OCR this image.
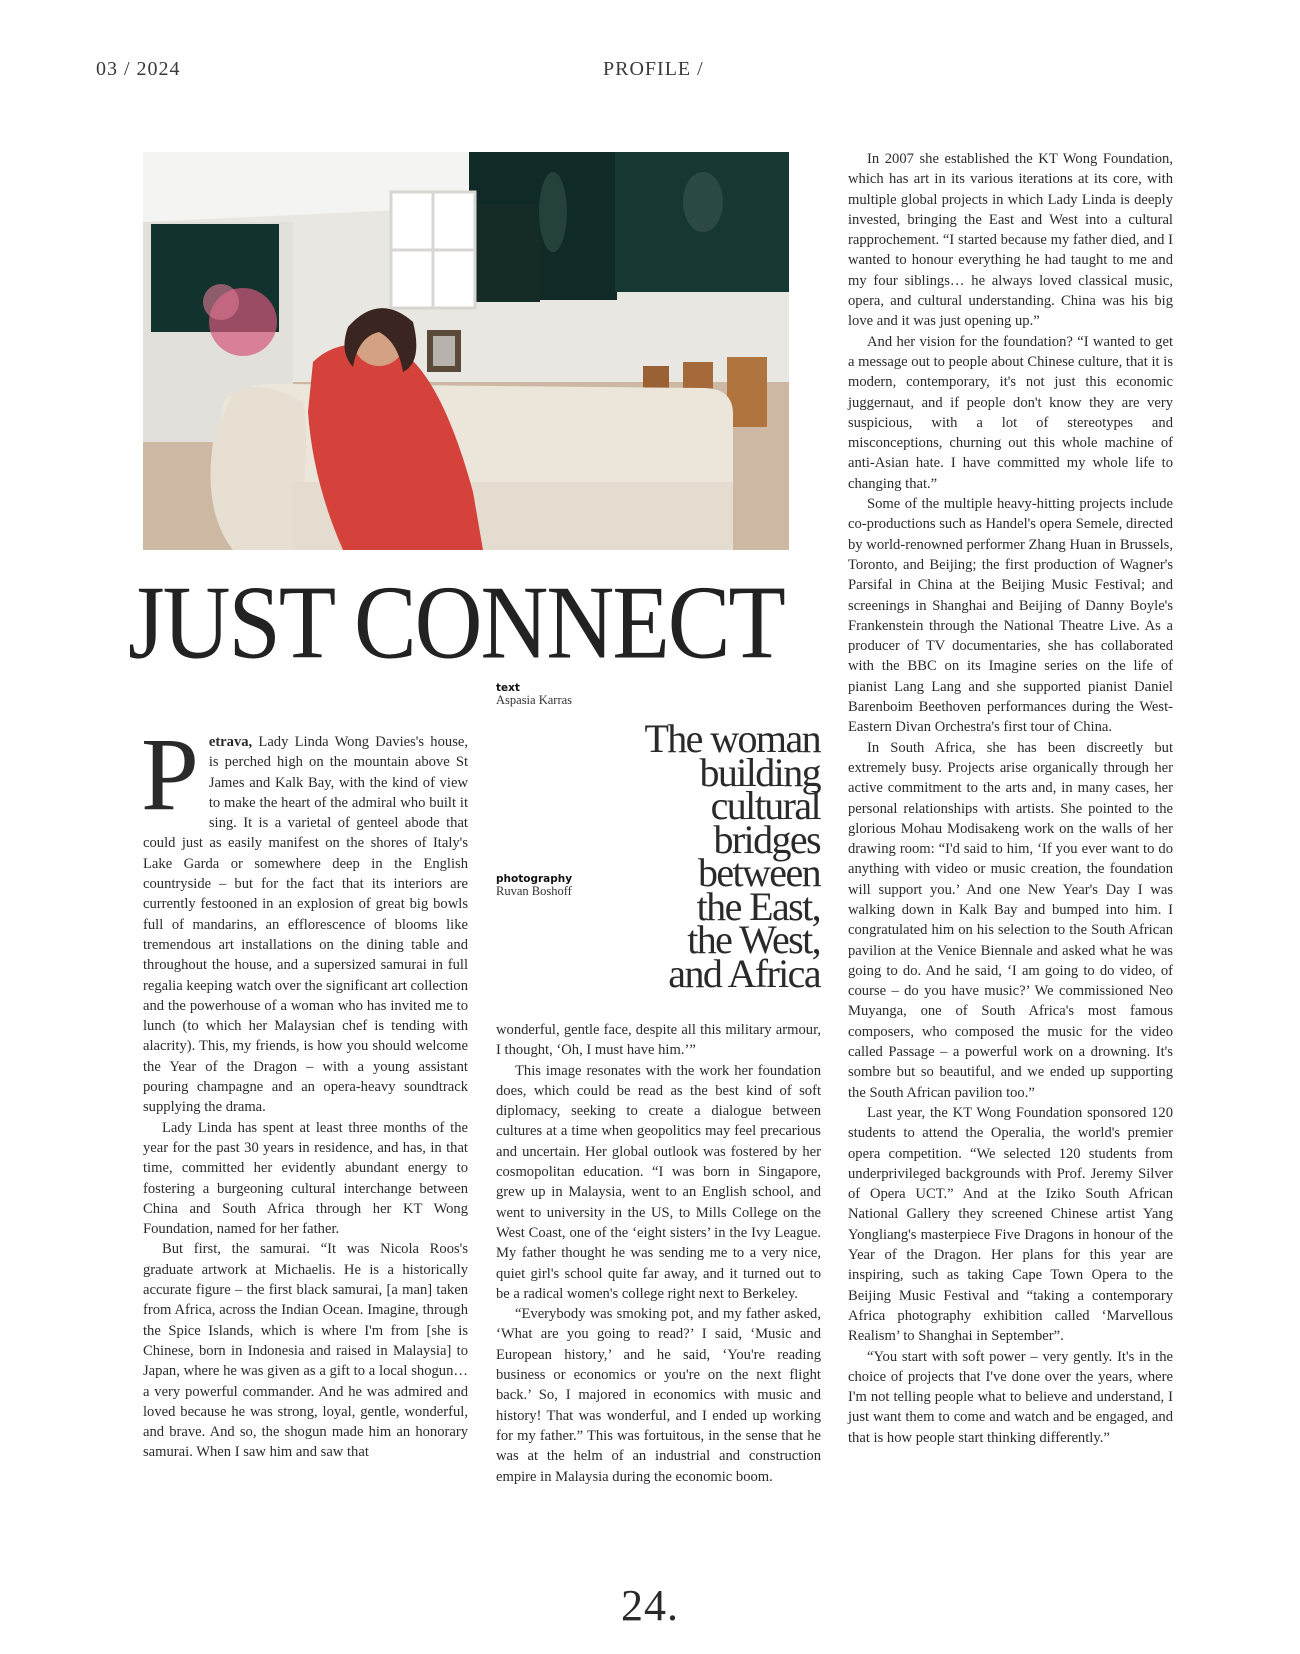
03 / 2024	PROFILE /
JUST CONNECT
text
Aspasia Karras
photography
Ruvan Boshoff
The woman
building
cultural
bridges
between
the East,
the West,
and Africa

Petrava, Lady Linda Wong Davies's house, is perched high on the mountain above St James and Kalk Bay, with the kind of view to make the heart of the admiral who built it sing. It is a varietal of genteel abode that could just as easily manifest on the shores of Italy's Lake Garda or somewhere deep in the English countryside – but for the fact that its interiors are currently festooned in an explosion of great big bowls full of mandarins, an efflorescence of blooms like tremendous art installations on the dining table and throughout the house, and a supersized samurai in full regalia keeping watch over the significant art collection and the powerhouse of a woman who has invited me to lunch (to which her Malaysian chef is tending with alacrity). This, my friends, is how you should welcome the Year of the Dragon – with a young assistant pouring champagne and an opera-heavy soundtrack supplying the drama.

Lady Linda has spent at least three months of the year for the past 30 years in residence, and has, in that time, committed her evidently abundant energy to fostering a burgeoning cultural interchange between China and South Africa through her KT Wong Foundation, named for her father.

But first, the samurai. “It was Nicola Roos's graduate artwork at Michaelis. He is a historically accurate figure – the first black samurai, [a man] taken from Africa, across the Indian Ocean. Imagine, through the Spice Islands, which is where I'm from [she is Chinese, born in Indonesia and raised in Malaysia] to Japan, where he was given as a gift to a local shogun… a very powerful commander. And he was admired and loved because he was strong, loyal, gentle, wonderful, and brave. And so, the shogun made him an honorary samurai. When I saw him and saw that

wonderful, gentle face, despite all this military armour, I thought, ‘Oh, I must have him.’”

This image resonates with the work her foundation does, which could be read as the best kind of soft diplomacy, seeking to create a dialogue between cultures at a time when geopolitics may feel precarious and uncertain. Her global outlook was fostered by her cosmopolitan education. “I was born in Singapore, grew up in Malaysia, went to an English school, and went to university in the US, to Mills College on the West Coast, one of the ‘eight sisters’ in the Ivy League. My father thought he was sending me to a very nice, quiet girl's school quite far away, and it turned out to be a radical women's college right next to Berkeley.

“Everybody was smoking pot, and my father asked, ‘What are you going to read?’ I said, ‘Music and European history,’ and he said, ‘You're reading business or economics or you're on the next flight back.’ So, I majored in economics with music and history! That was wonderful, and I ended up working for my father.” This was fortuitous, in the sense that he was at the helm of an industrial and construction empire in Malaysia during the economic boom.

In 2007 she established the KT Wong Foundation, which has art in its various iterations at its core, with multiple global projects in which Lady Linda is deeply invested, bringing the East and West into a cultural rapprochement. “I started because my father died, and I wanted to honour everything he had taught to me and my four siblings… he always loved classical music, opera, and cultural understanding. China was his big love and it was just opening up.”

And her vision for the foundation? “I wanted to get a message out to people about Chinese culture, that it is modern, contemporary, it's not just this economic juggernaut, and if people don't know they are very suspicious, with a lot of stereotypes and misconceptions, churning out this whole machine of anti-Asian hate. I have committed my whole life to changing that.”

Some of the multiple heavy-hitting projects include co-productions such as Handel's opera Semele, directed by world-renowned performer Zhang Huan in Brussels, Toronto, and Beijing; the first production of Wagner's Parsifal in China at the Beijing Music Festival; and screenings in Shanghai and Beijing of Danny Boyle's Frankenstein through the National Theatre Live. As a producer of TV documentaries, she has collaborated with the BBC on its Imagine series on the life of pianist Lang Lang and she supported pianist Daniel Barenboim Beethoven performances during the West-Eastern Divan Orchestra's first tour of China.

In South Africa, she has been discreetly but extremely busy. Projects arise organically through her active commitment to the arts and, in many cases, her personal relationships with artists. She pointed to the glorious Mohau Modisakeng work on the walls of her drawing room: “I'd said to him, ‘If you ever want to do anything with video or music creation, the foundation will support you.’ And one New Year's Day I was walking down in Kalk Bay and bumped into him. I congratulated him on his selection to the South African pavilion at the Venice Biennale and asked what he was going to do. And he said, ‘I am going to do video, of course – do you have music?’ We commissioned Neo Muyanga, one of South Africa's most famous composers, who composed the music for the video called Passage – a powerful work on a drowning. It's sombre but so beautiful, and we ended up supporting the South African pavilion too.”

Last year, the KT Wong Foundation sponsored 120 students to attend the Operalia, the world's premier opera competition. “We selected 120 students from underprivileged backgrounds with Prof. Jeremy Silver of Opera UCT.” And at the Iziko South African National Gallery they screened Chinese artist Yang Yongliang's masterpiece Five Dragons in honour of the Year of the Dragon. Her plans for this year are inspiring, such as taking Cape Town Opera to the Beijing Music Festival and “taking a contemporary Africa photography exhibition called ‘Marvellous Realism’ to Shanghai in September”.

“You start with soft power – very gently. It's in the choice of projects that I've done over the years, where I'm not telling people what to believe and understand, I just want them to come and watch and be engaged, and that is how people start thinking differently.”

24.
